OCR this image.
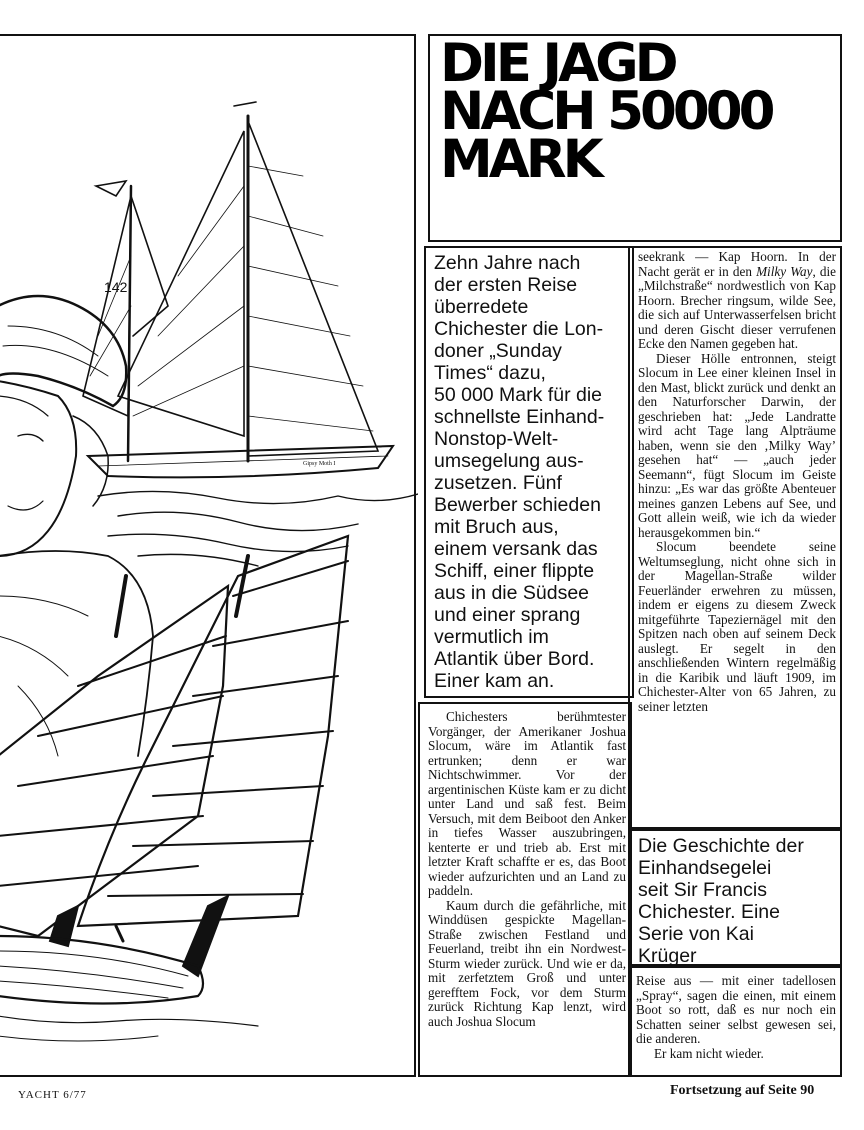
142
Gipsy Moth I
DIE JAGD
NACH 50000
MARK
Zehn Jahre nach
der ersten Reise
überredete
Chichester die Lon-
doner „Sunday
Times“ dazu,
50 000 Mark für die
schnellste Einhand-
Nonstop-Welt-
umsegelung aus-
zusetzen. Fünf
Bewerber schieden
mit Bruch aus,
einem versank das
Schiff, einer flippte
aus in die Südsee
und einer sprang
vermutlich im
Atlantik über Bord.
Einer kam an.

Chichesters berühmtester Vorgänger, der Amerikaner Joshua Slocum, wäre im Atlantik fast ertrunken; denn er war Nichtschwimmer. Vor der argentinischen Küste kam er zu dicht unter Land und saß fest. Beim Versuch, mit dem Beiboot den Anker in tiefes Wasser auszubringen, kenterte er und trieb ab. Erst mit letzter Kraft schaffte er es, das Boot wieder aufzurichten und an Land zu paddeln.

Kaum durch die gefährliche, mit Winddüsen gespickte Magellan-Straße zwischen Festland und Feuerland, treibt ihn ein Nordwest-Sturm wieder zurück. Und wie er da, mit zerfetztem Groß und unter gerefftem Fock, vor dem Sturm zurück Richtung Kap lenzt, wird auch Joshua Slocum

seekrank — Kap Hoorn. In der Nacht gerät er in den Milky Way, die „Milchstraße“ nordwestlich von Kap Hoorn. Brecher ringsum, wilde See, die sich auf Unterwasserfelsen bricht und deren Gischt dieser verrufenen Ecke den Namen gegeben hat.

Dieser Hölle entronnen, steigt Slocum in Lee einer kleinen Insel in den Mast, blickt zurück und denkt an den Naturforscher Darwin, der geschrieben hat: „Jede Landratte wird acht Tage lang Alpträume haben, wenn sie den ‚Milky Way’ gesehen hat“ — „auch jeder Seemann“, fügt Slocum im Geiste hinzu: „Es war das größte Abenteuer meines ganzen Lebens auf See, und Gott allein weiß, wie ich da wieder herausgekommen bin.“

Slocum beendete seine Weltumseglung, nicht ohne sich in der Magellan-Straße wilder Feuerländer erwehren zu müssen, indem er eigens zu diesem Zweck mitgeführte Tapeziernägel mit den Spitzen nach oben auf seinem Deck auslegt. Er segelt in den anschließenden Wintern regelmäßig in die Karibik und läuft 1909, im Chichester-Alter von 65 Jahren, zu seiner letzten

Die Geschichte der
Einhandsegelei
seit Sir Francis
Chichester. Eine
Serie von Kai
Krüger

Reise aus — mit einer tadellosen „Spray“, sagen die einen, mit einem Boot so rott, daß es nur noch ein Schatten seiner selbst gewesen sei, die anderen.

Er kam nicht wieder.

YACHT 6/77	Fortsetzung auf Seite 90
